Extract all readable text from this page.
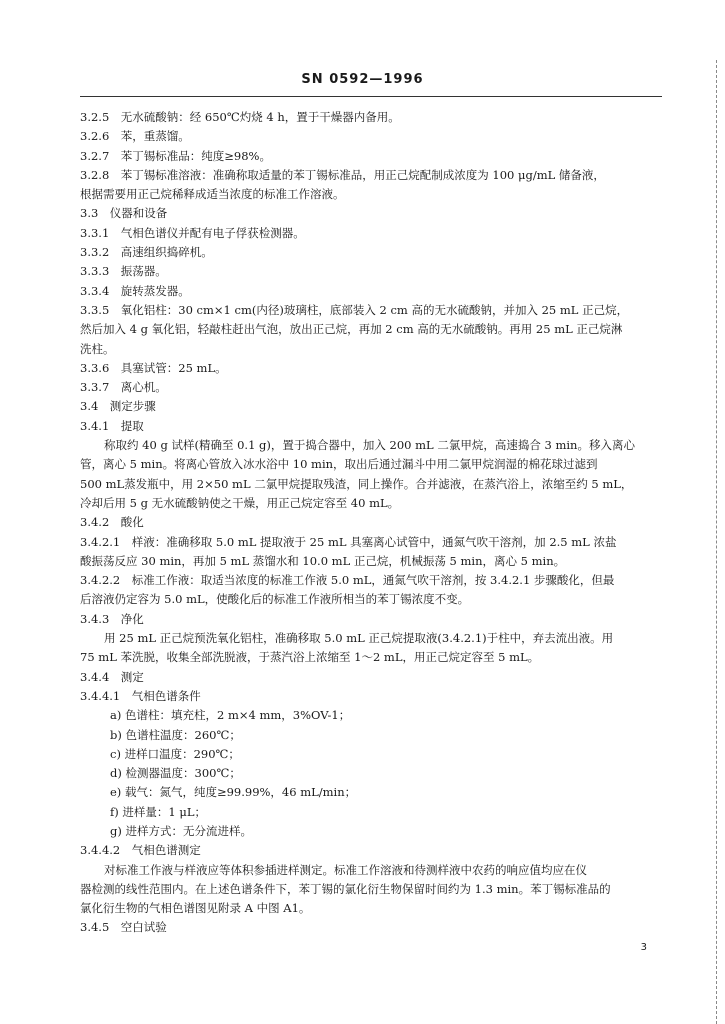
SN 0592—1996
3.2.5　无水硫酸钠：经 650℃灼烧 4 h，置于干燥器内备用。
3.2.6　苯，重蒸馏。
3.2.7　苯丁锡标准品：纯度≥98%。
3.2.8　苯丁锡标准溶液：准确称取适量的苯丁锡标准品，用正己烷配制成浓度为 100 μg/mL 储备液，
根据需要用正己烷稀释成适当浓度的标准工作溶液。
3.3　仪器和设备
3.3.1　气相色谱仪并配有电子俘获检测器。
3.3.2　高速组织捣碎机。
3.3.3　振荡器。
3.3.4　旋转蒸发器。
3.3.5　氧化铝柱：30 cm×1 cm(内径)玻璃柱，底部装入 2 cm 高的无水硫酸钠，并加入 25 mL 正己烷，
然后加入 4 g 氧化铝，轻敲柱赶出气泡，放出正己烷，再加 2 cm 高的无水硫酸钠。再用 25 mL 正己烷淋
洗柱。
3.3.6　具塞试管：25 mL。
3.3.7　离心机。
3.4　测定步骤
3.4.1　提取
称取约 40 g 试样(精确至 0.1 g)，置于捣合器中，加入 200 mL 二氯甲烷，高速捣合 3 min。移入离心
管，离心 5 min。将离心管放入冰水浴中 10 min，取出后通过漏斗中用二氯甲烷润湿的棉花球过滤到
500 mL蒸发瓶中，用 2×50 mL 二氯甲烷提取残渣，同上操作。合并滤液，在蒸汽浴上，浓缩至约 5 mL，
冷却后用 5 g 无水硫酸钠使之干燥，用正己烷定容至 40 mL。
3.4.2　酸化
3.4.2.1　样液：准确移取 5.0 mL 提取液于 25 mL 具塞离心试管中，通氮气吹干溶剂，加 2.5 mL 浓盐
酸振荡反应 30 min，再加 5 mL 蒸馏水和 10.0 mL 正己烷，机械振荡 5 min，离心 5 min。
3.4.2.2　标准工作液：取适当浓度的标准工作液 5.0 mL，通氮气吹干溶剂，按 3.4.2.1 步骤酸化，但最
后溶液仍定容为 5.0 mL，使酸化后的标准工作液所相当的苯丁锡浓度不变。
3.4.3　净化
用 25 mL 正己烷预洗氧化铝柱，准确移取 5.0 mL 正己烷提取液(3.4.2.1)于柱中，弃去流出液。用
75 mL 苯洗脱，收集全部洗脱液，于蒸汽浴上浓缩至 1～2 mL，用正己烷定容至 5 mL。
3.4.4　测定
3.4.4.1　气相色谱条件
a) 色谱柱：填充柱，2 m×4 mm，3%OV-1；
b) 色谱柱温度：260℃；
c) 进样口温度：290℃；
d) 检测器温度：300℃；
e) 载气：氮气，纯度≥99.99%，46 mL/min；
f) 进样量：1 μL；
g) 进样方式：无分流进样。
3.4.4.2　气相色谱测定
对标准工作液与样液应等体积参插进样测定。标准工作溶液和待测样液中农药的响应值均应在仪
器检测的线性范围内。在上述色谱条件下，苯丁锡的氯化衍生物保留时间约为 1.3 min。苯丁锡标准品的
氯化衍生物的气相色谱图见附录 A 中图 A1。
3.4.5　空白试验
3
